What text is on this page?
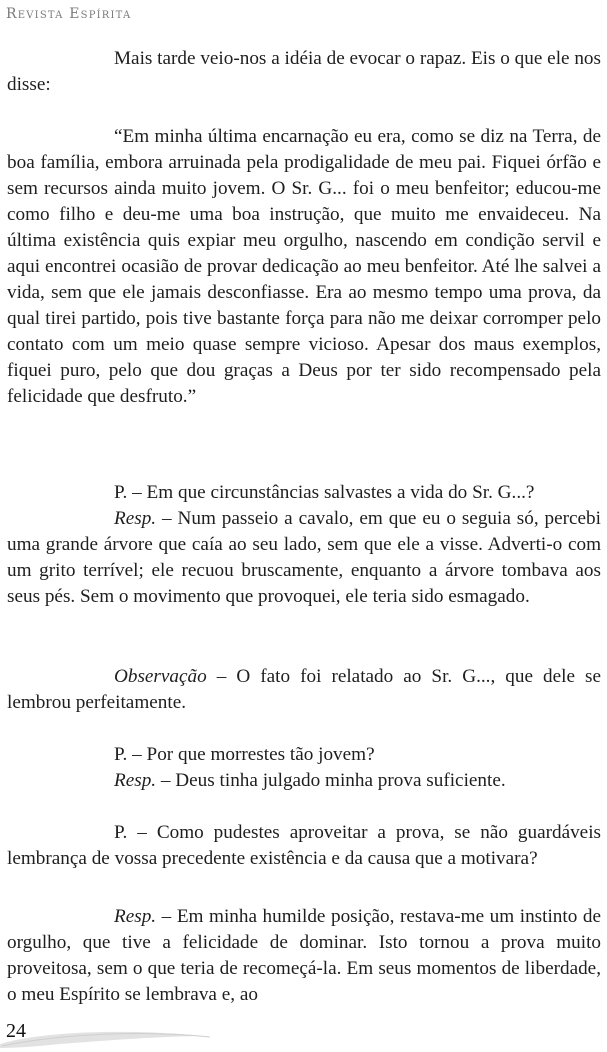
Revista Espírita

Mais tarde veio-nos a idéia de evocar o rapaz. Eis o que ele nos disse:

“Em minha última encarnação eu era, como se diz na Terra, de boa família, embora arruinada pela prodigalidade de meu pai. Fiquei órfão e sem recursos ainda muito jovem. O Sr. G... foi o meu benfeitor; educou-me como filho e deu-me uma boa instrução, que muito me envaideceu. Na última existência quis expiar meu orgulho, nascendo em condição servil e aqui encontrei ocasião de provar dedicação ao meu benfeitor. Até lhe salvei a vida, sem que ele jamais desconfiasse. Era ao mesmo tempo uma prova, da qual tirei partido, pois tive bastante força para não me deixar corromper pelo contato com um meio quase sempre vicioso. Apesar dos maus exemplos, fiquei puro, pelo que dou graças a Deus por ter sido recompensado pela felicidade que desfruto.”

P. – Em que circunstâncias salvastes a vida do Sr. G...?

Resp. – Num passeio a cavalo, em que eu o seguia só, percebi uma grande árvore que caía ao seu lado, sem que ele a visse. Adverti-o com um grito terrível; ele recuou bruscamente, enquanto a árvore tombava aos seus pés. Sem o movimento que provoquei, ele teria sido esmagado.

Observação – O fato foi relatado ao Sr. G..., que dele se lembrou perfeitamente.

P. – Por que morrestes tão jovem?

Resp. – Deus tinha julgado minha prova suficiente.

P. – Como pudestes aproveitar a prova, se não guardáveis lembrança de vossa precedente existência e da causa que a motivara?

Resp. – Em minha humilde posição, restava-me um instinto de orgulho, que tive a felicidade de dominar. Isto tornou a prova muito proveitosa, sem o que teria de recomeçá-la. Em seus momentos de liberdade, o meu Espírito se lembrava e, ao

24
